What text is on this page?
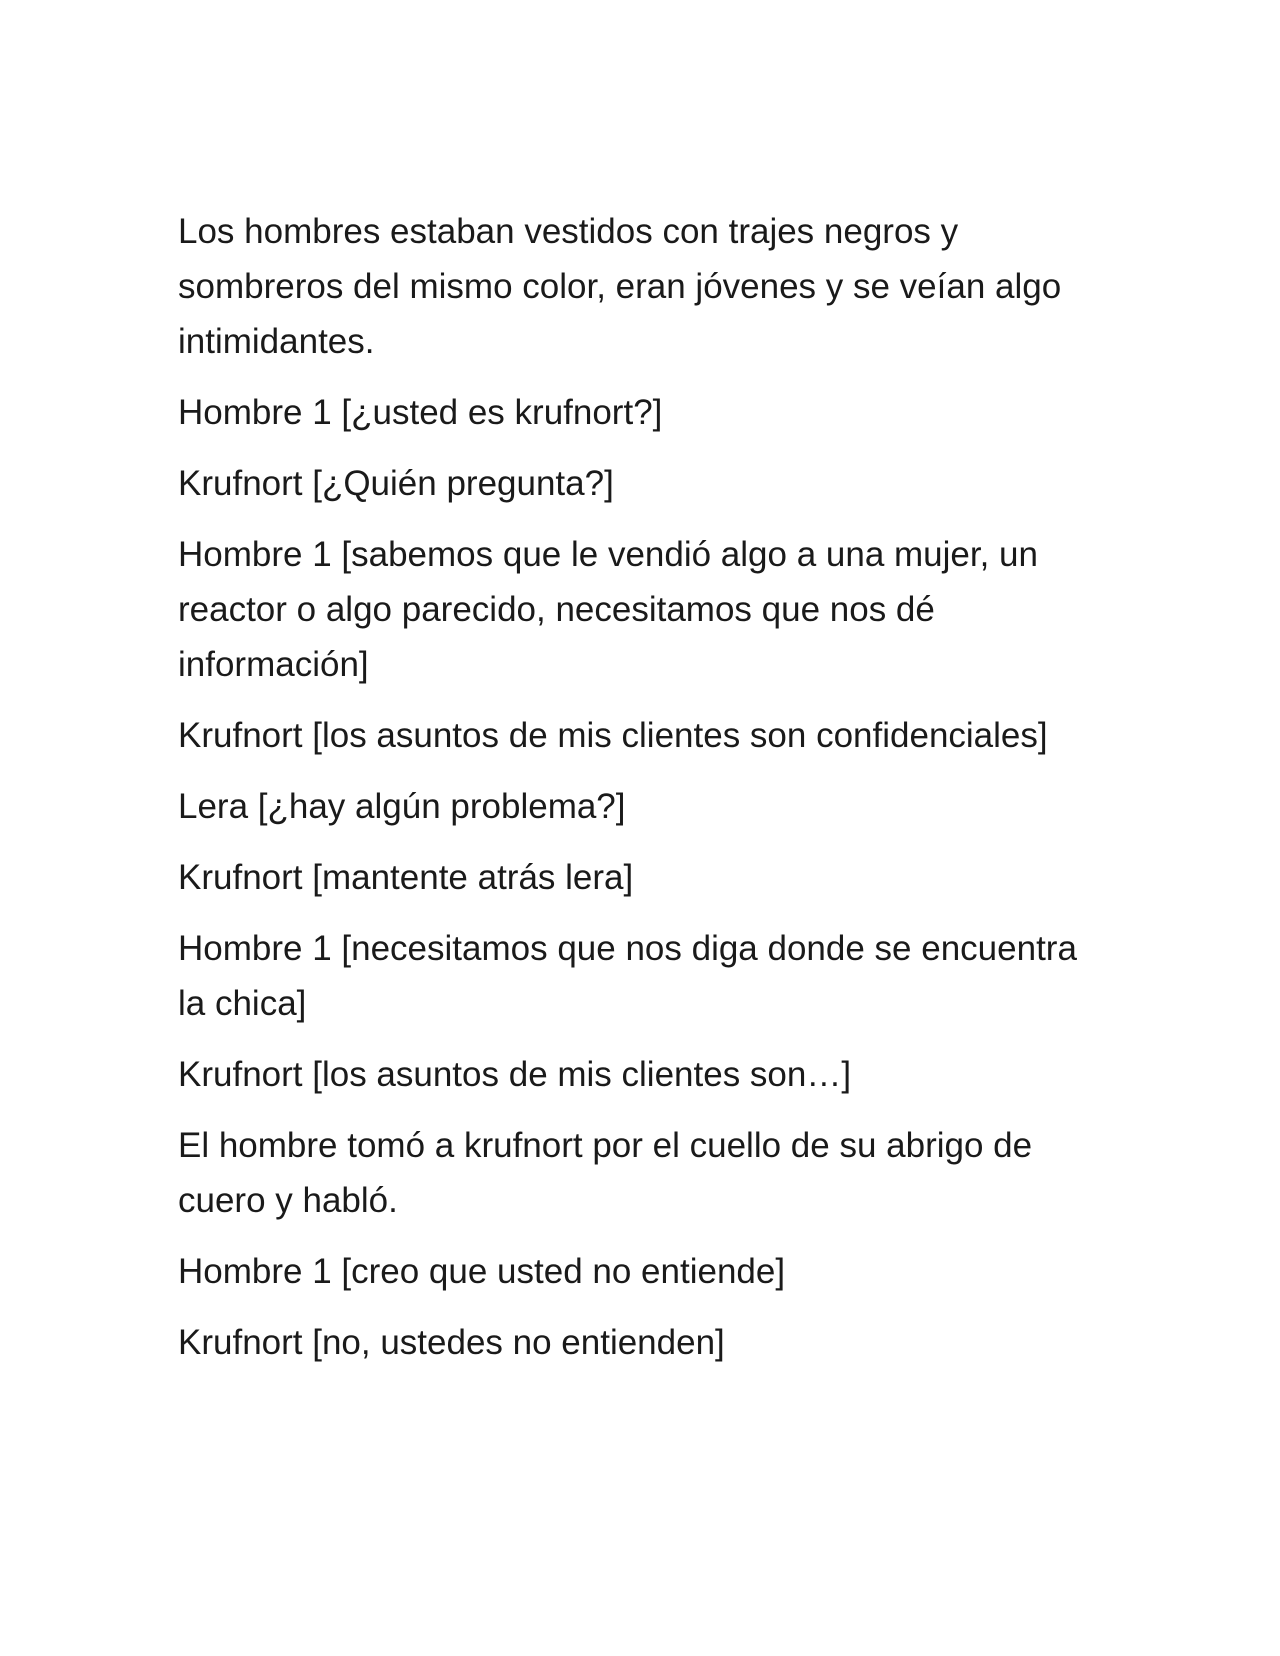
Los hombres estaban vestidos con trajes negros y sombreros del mismo color, eran jóvenes y se veían algo intimidantes.

Hombre 1 [¿usted es krufnort?]

Krufnort [¿Quién pregunta?]

Hombre 1 [sabemos que le vendió algo a una mujer, un reactor o algo parecido, necesitamos que nos dé información]

Krufnort [los asuntos de mis clientes son confidenciales]

Lera [¿hay algún problema?]

Krufnort [mantente atrás lera]

Hombre 1 [necesitamos que nos diga donde se encuentra la chica]

Krufnort [los asuntos de mis clientes son…]

El hombre tomó a krufnort por el cuello de su abrigo de cuero y habló.

Hombre 1 [creo que usted no entiende]

Krufnort [no, ustedes no entienden]
